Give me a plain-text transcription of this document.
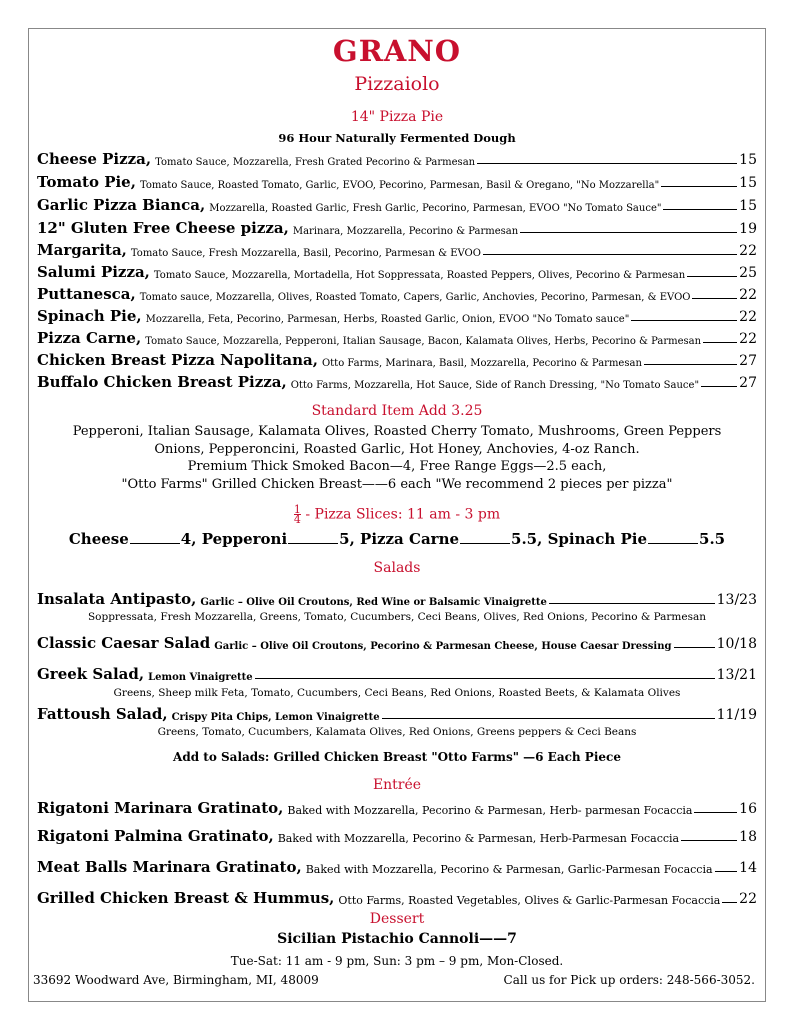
GRANO
Pizzaiolo
14" Pizza Pie
96 Hour Naturally Fermented Dough
Cheese Pizza, Tomato Sauce, Mozzarella, Fresh Grated Pecorino & Parmesan	15
Tomato Pie, Tomato Sauce, Roasted Tomato, Garlic, EVOO, Pecorino, Parmesan, Basil & Oregano, "No Mozzarella"	15
Garlic Pizza Bianca, Mozzarella, Roasted Garlic, Fresh Garlic, Pecorino, Parmesan, EVOO "No Tomato Sauce"	15
12" Gluten Free Cheese pizza, Marinara, Mozzarella, Pecorino & Parmesan	19
Margarita, Tomato Sauce, Fresh Mozzarella, Basil, Pecorino, Parmesan & EVOO	22
Salumi Pizza, Tomato Sauce, Mozzarella, Mortadella, Hot Soppressata, Roasted Peppers, Olives, Pecorino & Parmesan	25
Puttanesca, Tomato sauce, Mozzarella, Olives, Roasted Tomato, Capers, Garlic, Anchovies, Pecorino, Parmesan, & EVOO	22
Spinach Pie, Mozzarella, Feta, Pecorino, Parmesan, Herbs, Roasted Garlic, Onion, EVOO "No Tomato sauce"	22
Pizza Carne, Tomato Sauce, Mozzarella, Pepperoni, Italian Sausage, Bacon, Kalamata Olives, Herbs, Pecorino & Parmesan	22
Chicken Breast Pizza Napolitana, Otto Farms, Marinara, Basil, Mozzarella, Pecorino & Parmesan	27
Buffalo Chicken Breast Pizza, Otto Farms, Mozzarella, Hot Sauce, Side of Ranch Dressing, "No Tomato Sauce"	27
Standard Item Add 3.25
Pepperoni, Italian Sausage, Kalamata Olives, Roasted Cherry Tomato, Mushrooms, Green Peppers
Onions, Pepperoncini, Roasted Garlic, Hot Honey, Anchovies, 4-oz Ranch.
Premium Thick Smoked Bacon—4, Free Range Eggs—2.5 each,
"Otto Farms" Grilled Chicken Breast——6 each "We recommend 2 pieces per pizza"
$\frac{1}{4}$ - Pizza Slices: 11 am - 3 pm
Cheese	4,
Pepperoni	5,
Pizza Carne	5.5,
Spinach Pie	5.5
Salads
Insalata Antipasto, Garlic – Olive Oil Croutons, Red Wine or Balsamic Vinaigrette	13/23
Soppressata, Fresh Mozzarella, Greens, Tomato, Cucumbers, Ceci Beans, Olives, Red Onions, Pecorino & Parmesan
Classic Caesar Salad Garlic – Olive Oil Croutons, Pecorino & Parmesan Cheese, House Caesar Dressing	10/18
Greek Salad, Lemon Vinaigrette	13/21
Greens, Sheep milk Feta, Tomato, Cucumbers, Ceci Beans, Red Onions, Roasted Beets, & Kalamata Olives
Fattoush Salad, Crispy Pita Chips, Lemon Vinaigrette	11/19
Greens, Tomato, Cucumbers, Kalamata Olives, Red Onions, Greens peppers & Ceci Beans
Add to Salads: Grilled Chicken Breast "Otto Farms" —6 Each Piece
Entrée
Rigatoni Marinara Gratinato, Baked with Mozzarella, Pecorino & Parmesan, Herb- parmesan Focaccia	16
Rigatoni Palmina Gratinato, Baked with Mozzarella, Pecorino & Parmesan, Herb-Parmesan Focaccia	18
Meat Balls Marinara Gratinato, Baked with Mozzarella, Pecorino & Parmesan, Garlic-Parmesan Focaccia 14
Grilled Chicken Breast & Hummus, Otto Farms, Roasted Vegetables, Olives & Garlic-Parmesan Focaccia 22
Dessert
Sicilian Pistachio Cannoli——7
Tue-Sat: 11 am - 9 pm, Sun: 3 pm – 9 pm, Mon-Closed.
33692 Woodward Ave, Birmingham, MI, 48009	Call us for Pick up orders: 248-566-3052.
